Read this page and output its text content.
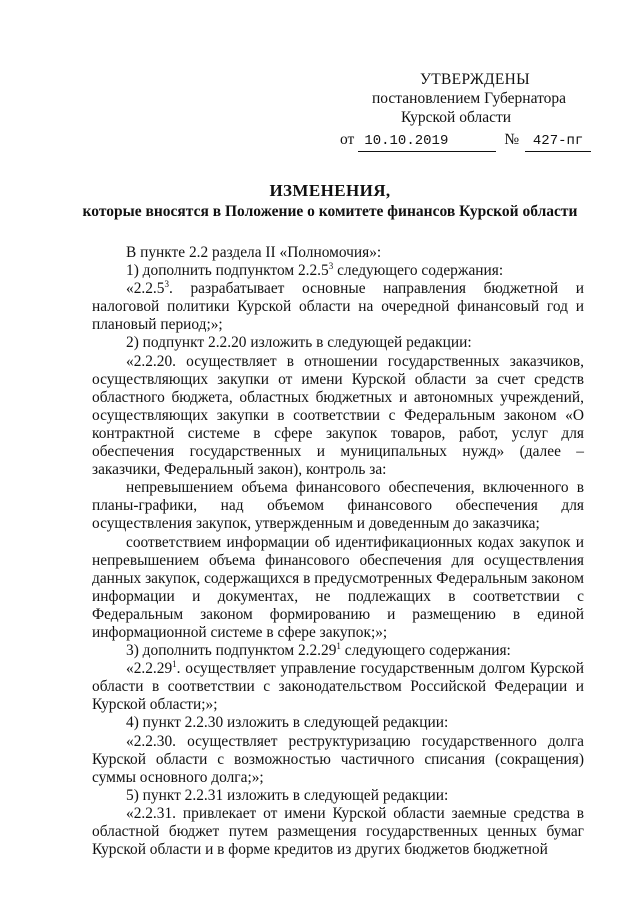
УТВЕРЖДЕНЫ
постановлением Губернатора
Курской области
от 10.10.2019	№ 427-пг
ИЗМЕНЕНИЯ,
которые вносятся в Положение о комитете финансов Курской области

В пункте 2.2 раздела II «Полномочия»:

1) дополнить подпунктом 2.2.5$^3$ следующего содержания:

«2.2.5$^3$. разрабатывает основные направления бюджетной и налоговой политики Курской области на очередной финансовый год и плановый период;»;

2) подпункт 2.2.20 изложить в следующей редакции:

«2.2.20. осуществляет в отношении государственных заказчиков, осуществляющих закупки от имени Курской области за счет средств областного бюджета, областных бюджетных и автономных учреждений, осуществляющих закупки в соответствии с Федеральным законом «О контрактной системе в сфере закупок товаров, работ, услуг для обеспечения государственных и муниципальных нужд» (далее – заказчики, Федеральный закон), контроль за:

непревышением объема финансового обеспечения, включенного в планы-графики, над объемом финансового обеспечения для осуществления закупок, утвержденным и доведенным до заказчика;

соответствием информации об идентификационных кодах закупок и непревышением объема финансового обеспечения для осуществления данных закупок, содержащихся в предусмотренных Федеральным законом информации и документах, не подлежащих в соответствии с Федеральным законом формированию и размещению в единой информационной системе в сфере закупок;»;

3) дополнить подпунктом 2.2.29$^1$ следующего содержания:

«2.2.29$^1$. осуществляет управление государственным долгом Курской области в соответствии с законодательством Российской Федерации и Курской области;»;

4) пункт 2.2.30 изложить в следующей редакции:

«2.2.30. осуществляет реструктуризацию государственного долга Курской области с возможностью частичного списания (сокращения) суммы основного долга;»;

5) пункт 2.2.31 изложить в следующей редакции:

«2.2.31. привлекает от имени Курской области заемные средства в областной бюджет путем размещения государственных ценных бумаг Курской области и в форме кредитов из других бюджетов бюджетной
